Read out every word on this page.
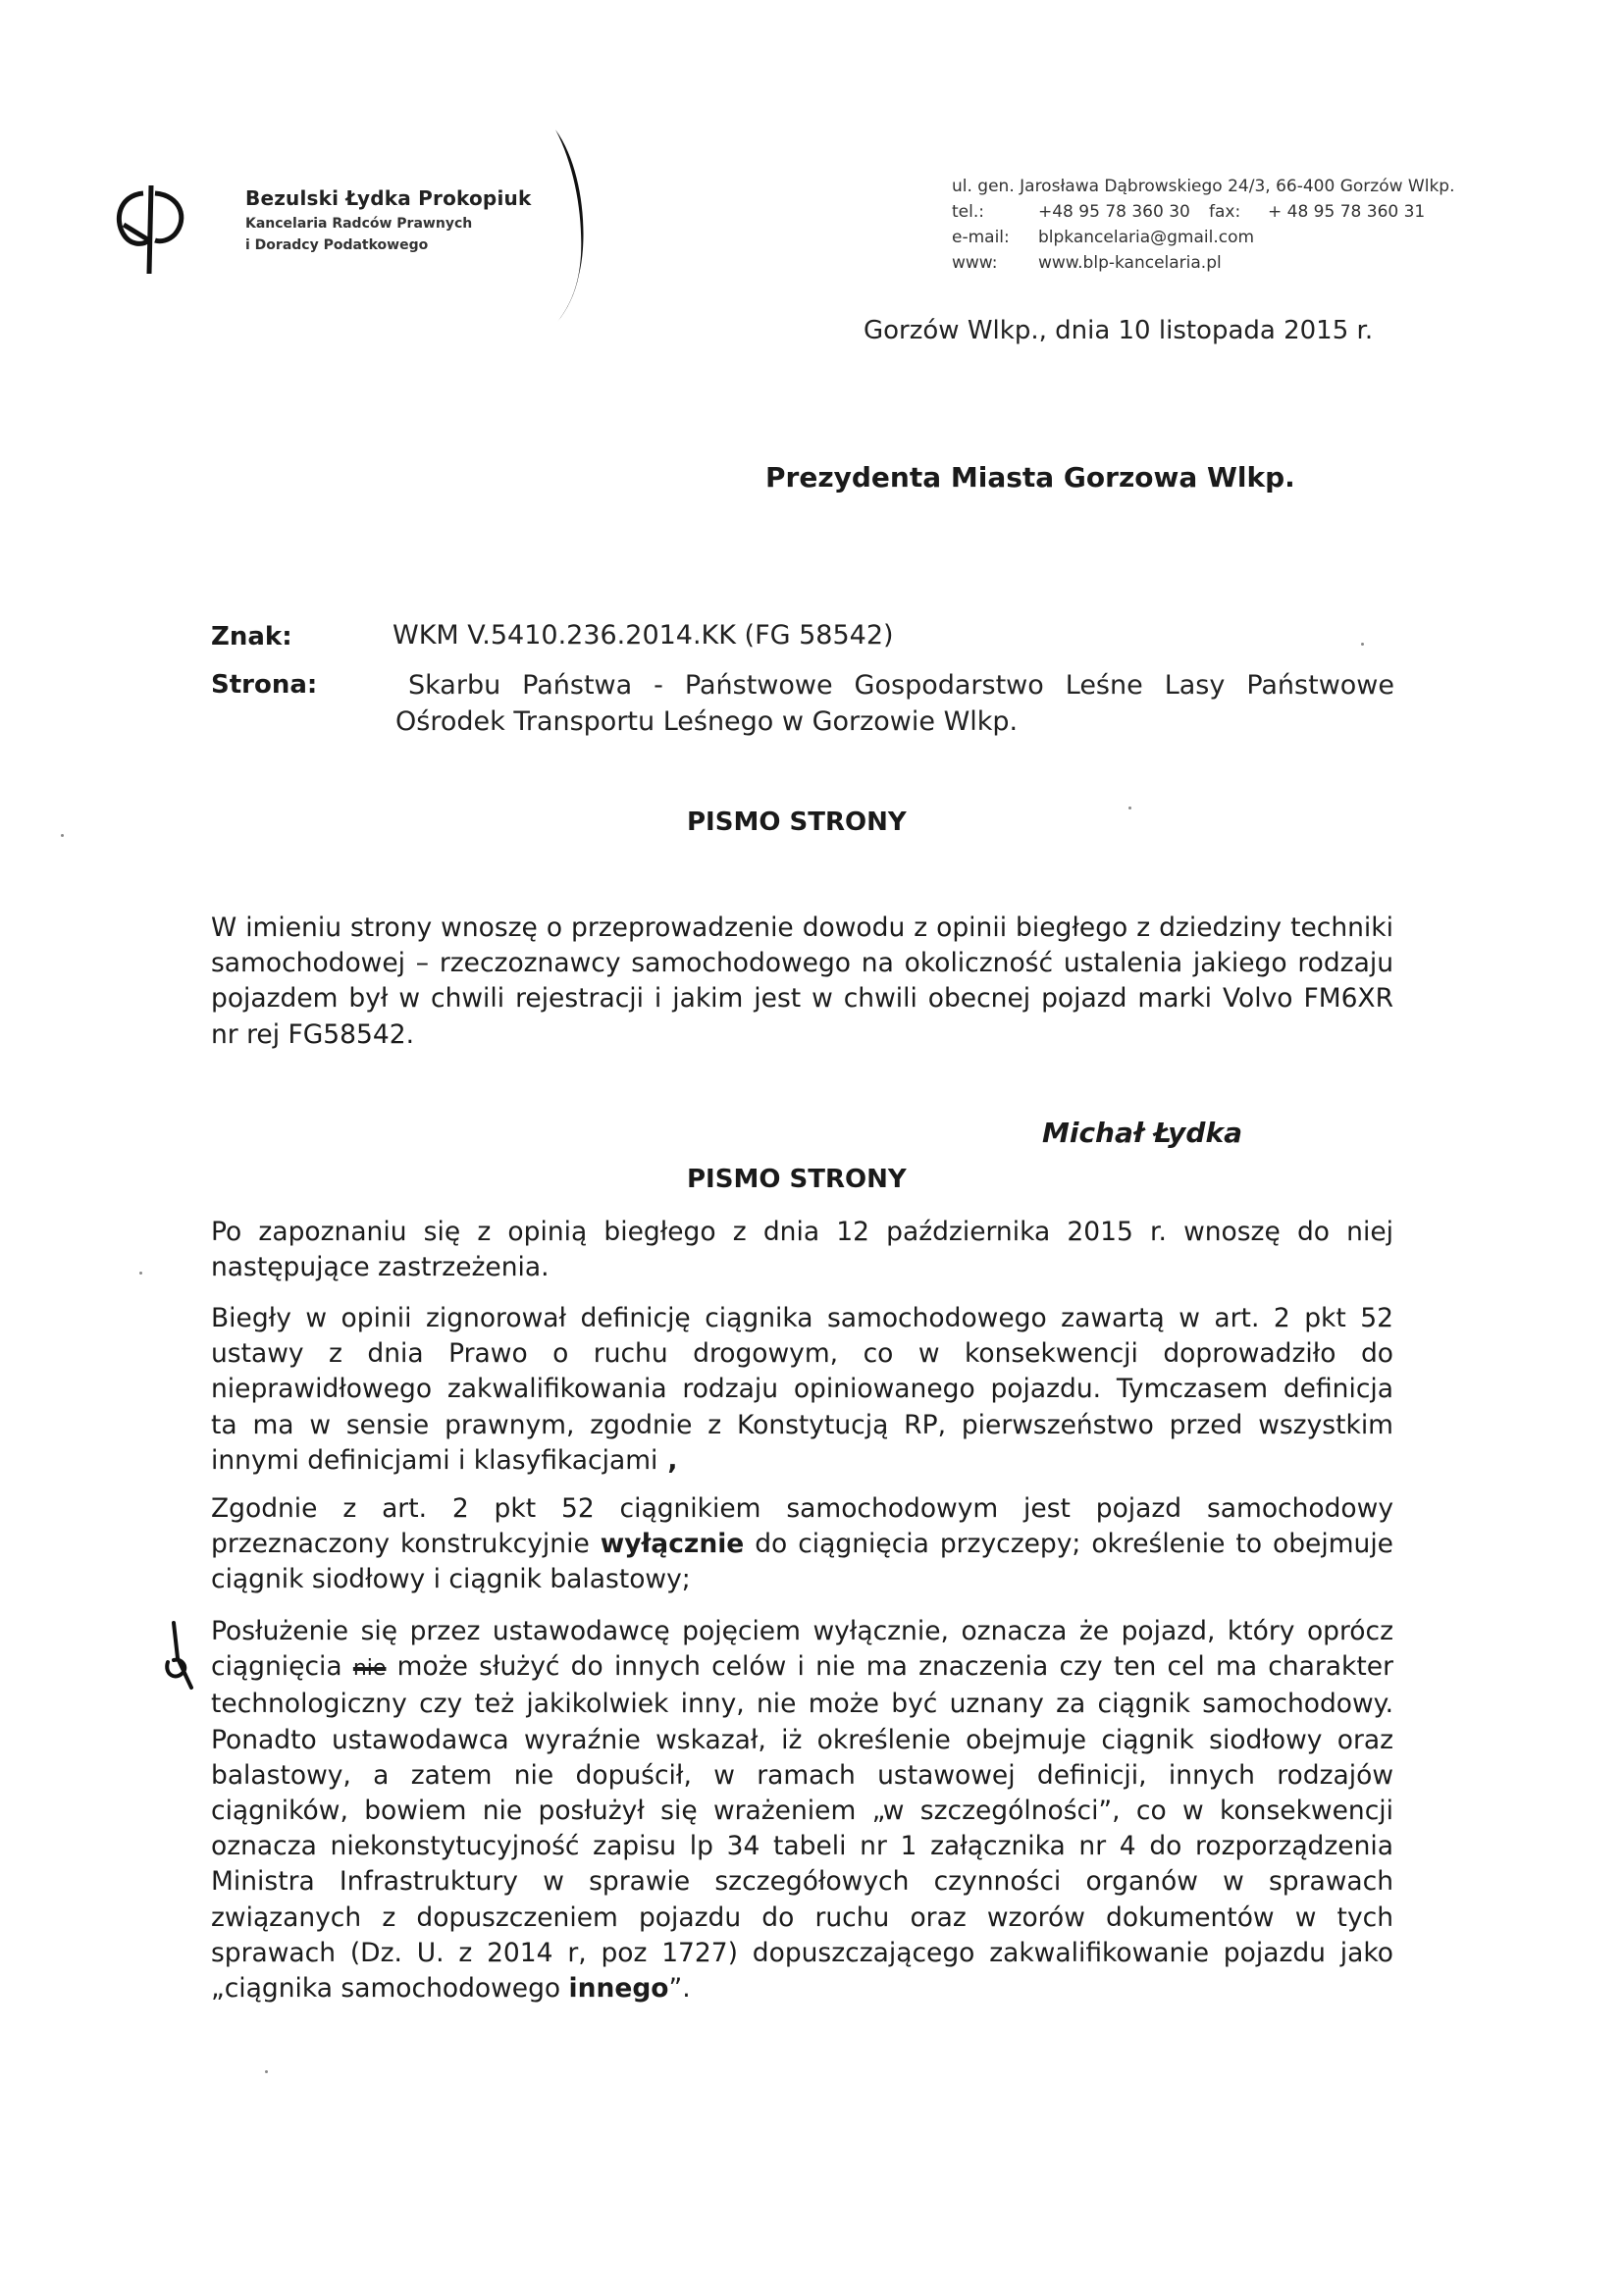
Bezulski Łydka Prokopiuk
Kancelaria Radców Prawnych
i Doradcy Podatkowego
ul. gen. Jarosława Dąbrowskiego 24/3, 66-400 Gorzów Wlkp.
tel.:	+48 95 78 360 30 fax: + 48 95 78 360 31
e-mail: blpkancelaria@gmail.com
www: www.blp-kancelaria.pl
Gorzów Wlkp., dnia 10 listopada 2015 r.
Prezydenta Miasta Gorzowa Wlkp.
Znak:	WKM V.5410.236.2014.KK (FG 58542)
Strona:	Skarbu Państwa - Państwowe Gospodarstwo Leśne Lasy Państwowe
Ośrodek Transportu Leśnego w Gorzowie Wlkp.
PISMO STRONY
W imieniu strony wnoszę o przeprowadzenie dowodu z opinii biegłego z dziedziny techniki
samochodowej – rzeczoznawcy samochodowego na okoliczność ustalenia jakiego rodzaju
pojazdem był w chwili rejestracji i jakim jest w chwili obecnej pojazd marki Volvo FM6XR
nr rej FG58542.
Michał Łydka
PISMO STRONY
Po zapoznaniu się z opinią biegłego z dnia 12 października 2015 r. wnoszę do niej
następujące zastrzeżenia.
Biegły w opinii zignorował definicję ciągnika samochodowego zawartą w art. 2 pkt 52
ustawy z dnia Prawo o ruchu drogowym, co w konsekwencji doprowadziło do
nieprawidłowego zakwalifikowania rodzaju opiniowanego pojazdu. Tymczasem definicja
ta ma w sensie prawnym, zgodnie z Konstytucją RP, pierwszeństwo przed wszystkim
innymi definicjami i klasyfikacjami ,
Zgodnie z art. 2 pkt 52 ciągnikiem samochodowym jest pojazd samochodowy
przeznaczony konstrukcyjnie wyłącznie do ciągnięcia przyczepy; określenie to obejmuje
ciągnik siodłowy i ciągnik balastowy;
Posłużenie się przez ustawodawcę pojęciem wyłącznie, oznacza że pojazd, który oprócz
ciągnięcia nie może służyć do innych celów i nie ma znaczenia czy ten cel ma charakter
technologiczny czy też jakikolwiek inny, nie może być uznany za ciągnik samochodowy.
Ponadto ustawodawca wyraźnie wskazał, iż określenie obejmuje ciągnik siodłowy oraz
balastowy, a zatem nie dopuścił, w ramach ustawowej definicji, innych rodzajów
ciągników, bowiem nie posłużył się wrażeniem „w szczególności”, co w konsekwencji
oznacza niekonstytucyjność zapisu lp 34 tabeli nr 1 załącznika nr 4 do rozporządzenia
Ministra Infrastruktury w sprawie szczegółowych czynności organów w sprawach
związanych z dopuszczeniem pojazdu do ruchu oraz wzorów dokumentów w tych
sprawach (Dz. U. z 2014 r, poz 1727) dopuszczającego zakwalifikowanie pojazdu jako
„ciągnika samochodowego innego”.
